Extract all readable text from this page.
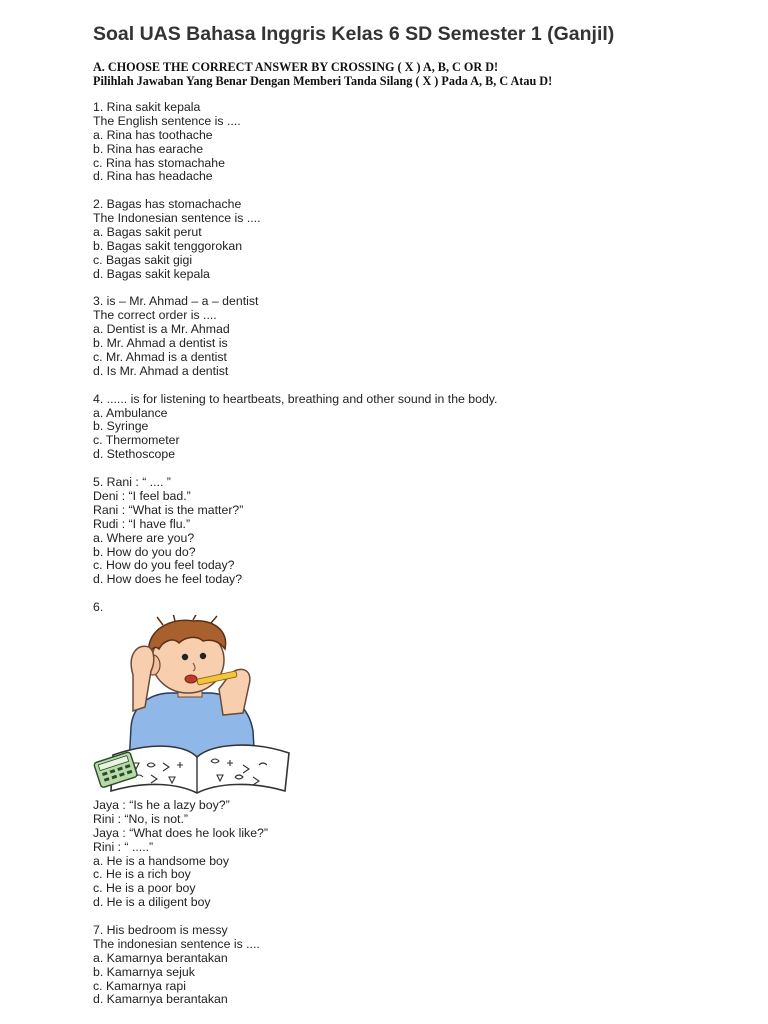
Soal UAS Bahasa Inggris Kelas 6 SD Semester 1 (Ganjil)
A. CHOOSE THE CORRECT ANSWER BY CROSSING ( X ) A, B, C OR D!
Pilihlah Jawaban Yang Benar Dengan Memberi Tanda Silang ( X ) Pada A, B, C Atau D!
1. Rina sakit kepala
The English sentence is ....
a. Rina has toothache
b. Rina has earache
c. Rina has stomachahe
d. Rina has headache
2. Bagas has stomachache
The Indonesian sentence is ....
a. Bagas sakit perut
b. Bagas sakit tenggorokan
c. Bagas sakit gigi
d. Bagas sakit kepala
3. is – Mr. Ahmad – a – dentist
The correct order is ....
a. Dentist is a Mr. Ahmad
b. Mr. Ahmad a dentist is
c. Mr. Ahmad is a dentist
d. Is Mr. Ahmad a dentist
4. ...... is for listening to heartbeats, breathing and other sound in the body.
a. Ambulance
b. Syringe
c. Thermometer
d. Stethoscope
5. Rani : “ .... ”
Deni : “I feel bad.”
Rani : “What is the matter?”
Rudi : “I have flu.”
a. Where are you?
b. How do you do?
c. How do you feel today?
d. How does he feel today?
6.
Jaya : “Is he a lazy boy?”
Rini : “No, is not.”
Jaya : “What does he look like?”
Rini : “ .....”
a. He is a handsome boy
c. He is a rich boy
c. He is a poor boy
d. He is a diligent boy
7. His bedroom is messy
The indonesian sentence is ....
a. Kamarnya berantakan
b. Kamarnya sejuk
c. Kamarnya rapi
d. Kamarnya berantakan
